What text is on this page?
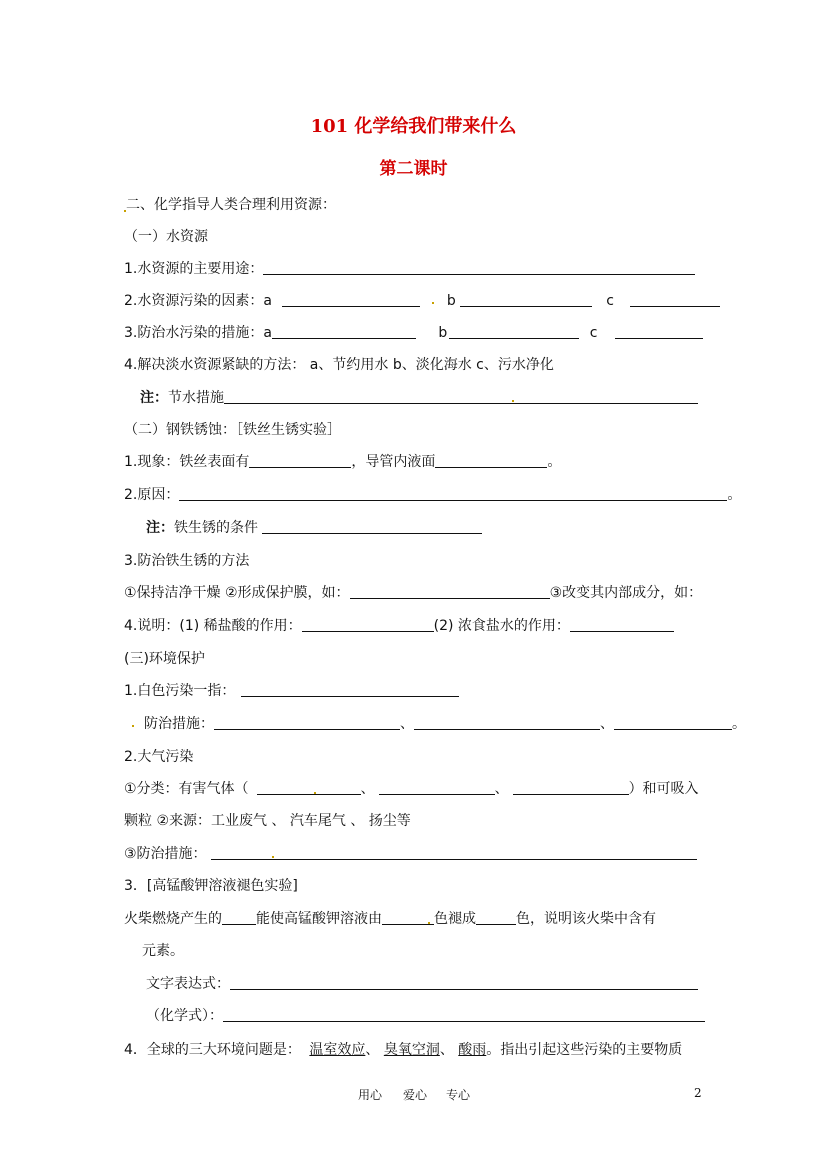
101 化学给我们带来什么
第二课时
二、化学指导人类合理利用资源：
（一）水资源
1.水资源的主要用途：
2.水资源污染的因素：a	b	c
3.防治水污染的措施：a	b	c
4.解决淡水资源紧缺的方法： a、节约用水 b、淡化海水 c、污水净化
注：节水措施
（二）钢铁锈蚀：［铁丝生锈实验］
1.现象：铁丝表面有	，导管内液面	。
2.原因：	。
注：铁生锈的条件
3.防治铁生锈的方法
①保持洁净干燥 ②形成保护膜，如：	③改变其内部成分，如：
4.说明：(1) 稀盐酸的作用：	(2) 浓食盐水的作用：
(三)环境保护
1.白色污染一指：
防治措施：	、	、	。
2.大气污染
①分类：有害气体（	、	、	）和可吸入
颗粒 ②来源：工业废气 、 汽车尾气 、 扬尘等
③防治措施：
3．[高锰酸钾溶液褪色实验]
火柴燃烧产生的 能使高锰酸钾溶液由	色褪成	色，说明该火柴中含有
元素。
文字表达式：
（化学式）：
4．全球的三大环境问题是： 温室效应、 臭氧空洞、 酸雨。指出引起这些污染的主要物质
用心 爱心 专心	2
